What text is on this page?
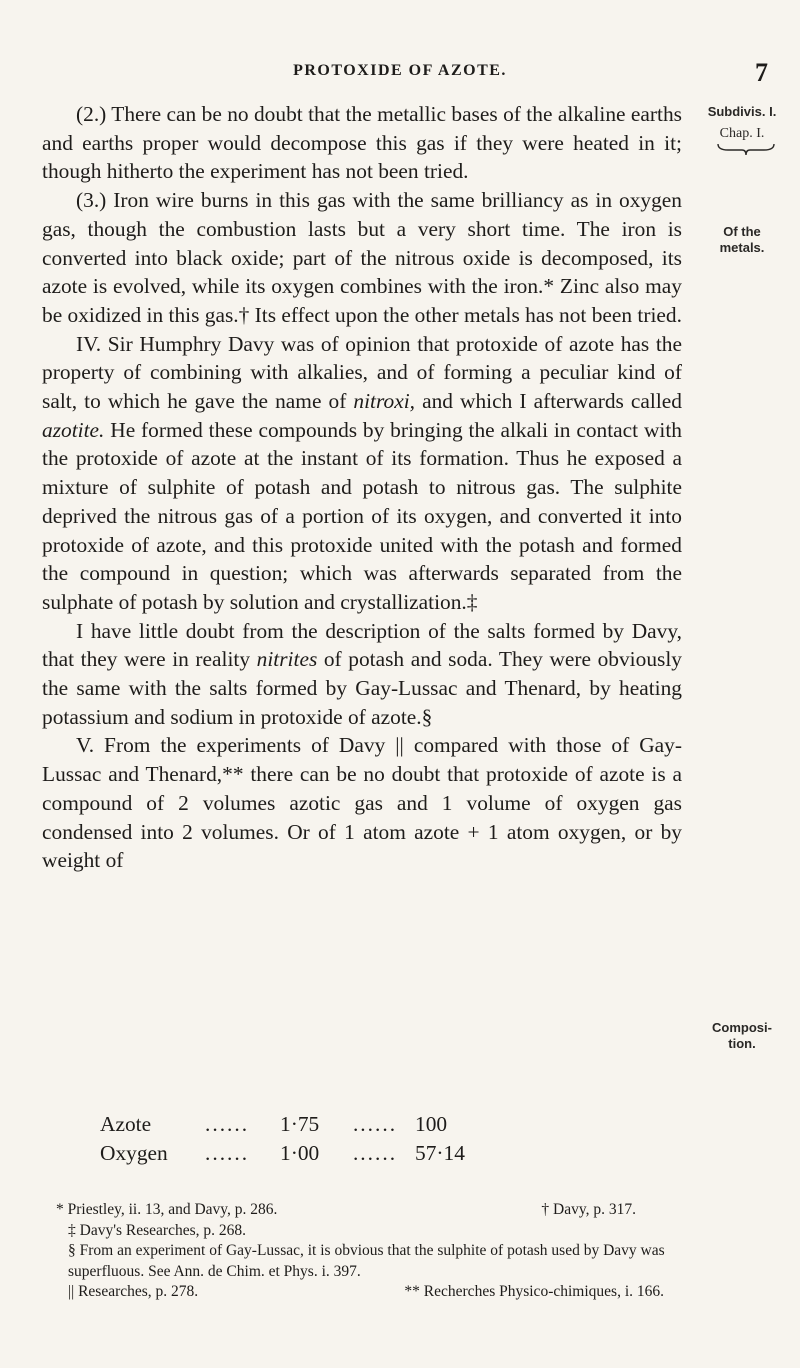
PROTOXIDE OF AZOTE.	7
Subdivis. I.
Chap. I.
Of the
metals.
Composi-
tion.

(2.) There can be no doubt that the metallic bases of the alkaline earths and earths proper would decompose this gas if they were heated in it; though hitherto the experiment has not been tried.

(3.) Iron wire burns in this gas with the same brilliancy as in oxygen gas, though the combustion lasts but a very short time. The iron is converted into black oxide; part of the nitrous oxide is decomposed, its azote is evolved, while its oxygen combines with the iron.* Zinc also may be oxidized in this gas.† Its effect upon the other metals has not been tried.

IV. Sir Humphry Davy was of opinion that protoxide of azote has the property of combining with alkalies, and of forming a peculiar kind of salt, to which he gave the name of nitroxi, and which I afterwards called azotite. He formed these compounds by bringing the alkali in contact with the protoxide of azote at the instant of its formation. Thus he exposed a mixture of sulphite of potash and potash to nitrous gas. The sulphite deprived the nitrous gas of a portion of its oxygen, and converted it into protoxide of azote, and this protoxide united with the potash and formed the compound in question; which was afterwards separated from the sulphate of potash by solution and crystallization.‡

I have little doubt from the description of the salts formed by Davy, that they were in reality nitrites of potash and soda. They were obviously the same with the salts formed by Gay-Lussac and Thenard, by heating potassium and sodium in protoxide of azote.§

V. From the experiments of Davy || compared with those of Gay-Lussac and Thenard,** there can be no doubt that protoxide of azote is a compound of 2 volumes azotic gas and 1 volume of oxygen gas condensed into 2 volumes. Or of 1 atom azote + 1 atom oxygen, or by weight of

Azote	......	1·75	...... 100
Oxygen	......	1·00	...... 57·14
* Priestley, ii. 13, and Davy, p. 286.	† Davy, p. 317.

‡ Davy's Researches, p. 268.

§ From an experiment of Gay-Lussac, it is obvious that the sulphite of potash used by Davy was superfluous. See Ann. de Chim. et Phys. i. 397.

|| Researches, p. 278.	** Recherches Physico-chimiques, i. 166.
